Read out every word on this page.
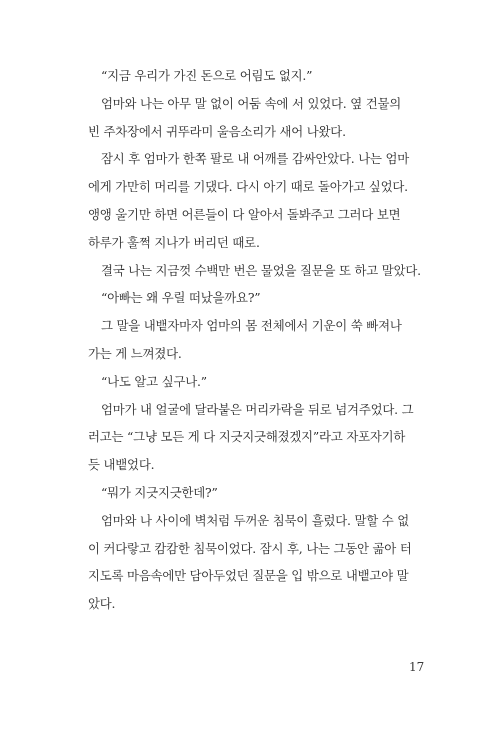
“지금 우리가 가진 돈으로 어림도 없지.”

엄마와 나는 아무 말 없이 어둠 속에 서 있었다. 옆 건물의
빈 주차장에서 귀뚜라미 울음소리가 새어 나왔다.

잠시 후 엄마가 한쪽 팔로 내 어깨를 감싸안았다. 나는 엄마
에게 가만히 머리를 기댔다. 다시 아기 때로 돌아가고 싶었다.
앵앵 울기만 하면 어른들이 다 알아서 돌봐주고 그러다 보면
하루가 훌쩍 지나가 버리던 때로.

결국 나는 지금껏 수백만 번은 물었을 질문을 또 하고 말았다.

“아빠는 왜 우릴 떠났을까요?”

그 말을 내뱉자마자 엄마의 몸 전체에서 기운이 쑥 빠져나
가는 게 느껴졌다.

“나도 알고 싶구나.”

엄마가 내 얼굴에 달라붙은 머리카락을 뒤로 넘겨주었다. 그
러고는 “그냥 모든 게 다 지긋지긋해졌겠지”라고 자포자기하
듯 내뱉었다.

“뭐가 지긋지긋한데?”

엄마와 나 사이에 벽처럼 두꺼운 침묵이 흘렀다. 말할 수 없
이 커다랗고 캄캄한 침묵이었다. 잠시 후, 나는 그동안 곪아 터
지도록 마음속에만 담아두었던 질문을 입 밖으로 내뱉고야 말
았다.

17
